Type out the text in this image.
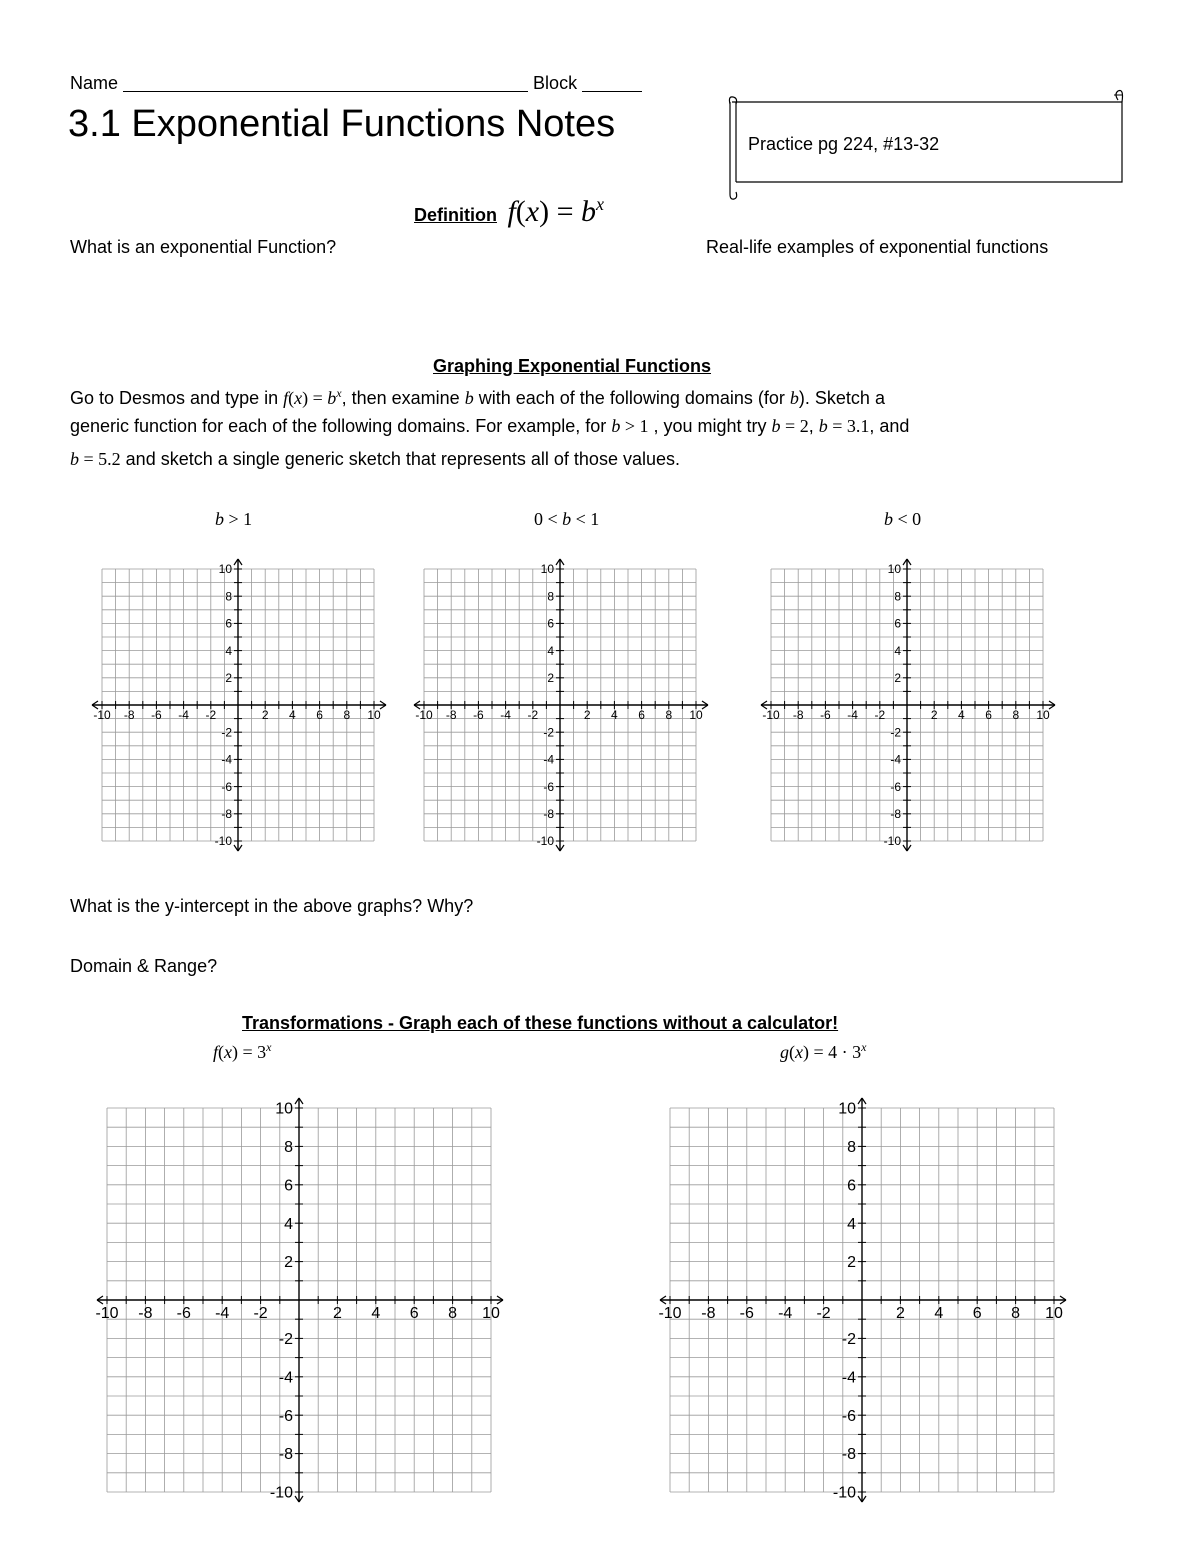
Name	Block
3.1 Exponential Functions Notes	Practice pg 224, #13-32
Definition $f(x) = b^x$
What is an exponential Function?	Real-life examples of exponential functions
Graphing Exponential Functions
Go to Desmos and type in $f(x) = b^x$, then examine b with each of the following domains (for b). Sketch a
generic function for each of the following domains. For example, for b > 1 , you might try b = 2, b = 3.1, and
b = 5.2 and sketch a single generic sketch that represents all of those values.
b > 1	0 < b < 1	b < 0
-10 -8 -6 -4 -2	2 4 6 8 10
10
8
6
4
2
-2
-4
-6
-8
-10
-10 -8 -6 -4 -2	2 4 6 8 10
10
8
6
4
2
-2
-4
-6
-8
-10
-10 -8 -6 -4 -2	2 4 6 8 10
10
8
6
4
2
-2
-4
-6
-8
-10
What is the y-intercept in the above graphs? Why?
Domain & Range?
Transformations - Graph each of these functions without a calculator!
$f(x) = 3^x$	$g(x) = 4 \cdot 3^x$
-10 -8 -6 -4 -2	2 4 6 8 10
10
8
6
4
2
-2
-4
-6
-8
-10
-10 -8 -6 -4 -2	2 4 6 8 10
10
8
6
4
2
-2
-4
-6
-8
-10
